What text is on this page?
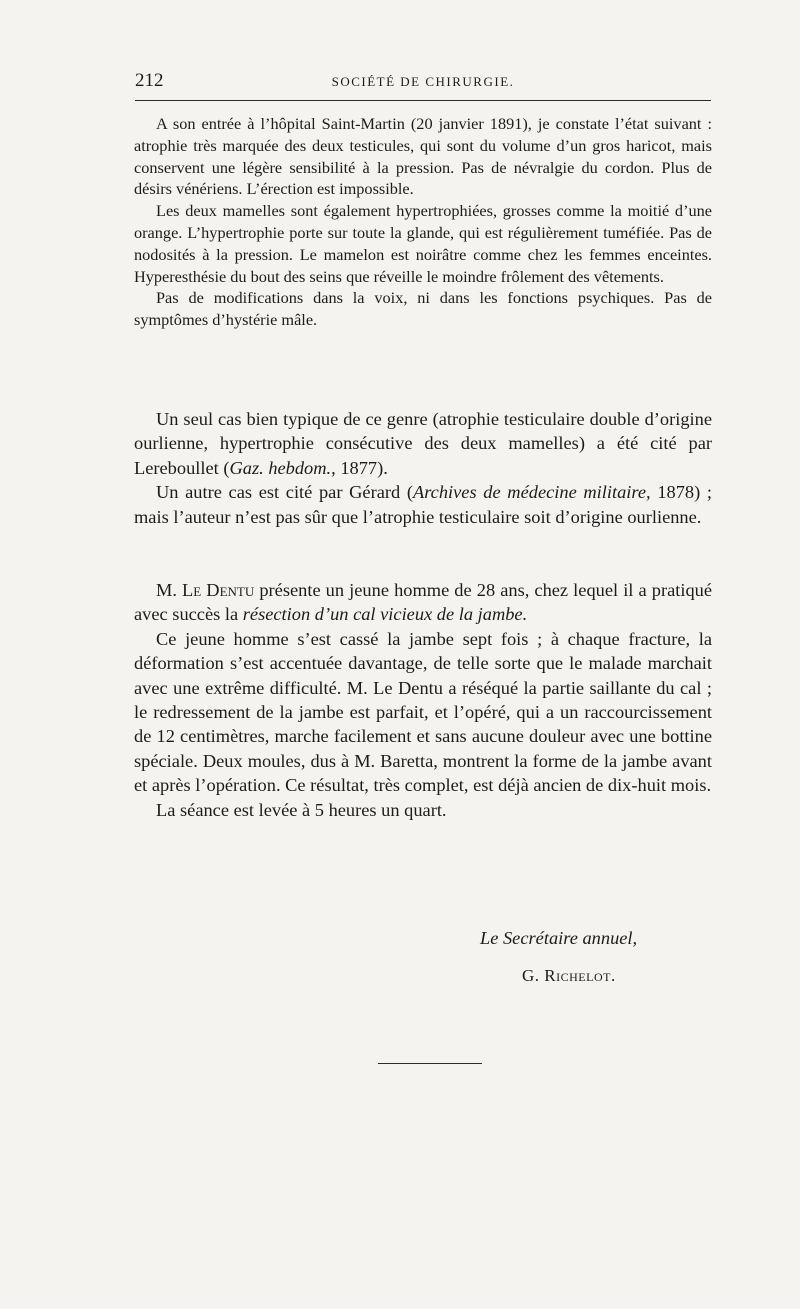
212	SOCIÉTÉ DE CHIRURGIE.

A son entrée à l’hôpital Saint-Martin (20 janvier 1891), je constate l’état suivant : atrophie très marquée des deux testicules, qui sont du volume d’un gros haricot, mais conservent une légère sensibilité à la pression. Pas de névralgie du cordon. Plus de désirs vénériens. L’érection est impossible.

Les deux mamelles sont également hypertrophiées, grosses comme la moitié d’une orange. L’hypertrophie porte sur toute la glande, qui est régulièrement tuméfiée. Pas de nodosités à la pression. Le mamelon est noirâtre comme chez les femmes enceintes. Hyperesthésie du bout des seins que réveille le moindre frôlement des vêtements.

Pas de modifications dans la voix, ni dans les fonctions psychiques. Pas de symptômes d’hystérie mâle.

Un seul cas bien typique de ce genre (atrophie testiculaire double d’origine ourlienne, hypertrophie consécutive des deux mamelles) a été cité par Lereboullet (Gaz. hebdom., 1877).

Un autre cas est cité par Gérard (Archives de médecine militaire, 1878) ; mais l’auteur n’est pas sûr que l’atrophie testiculaire soit d’origine ourlienne.

M. Le Dentu présente un jeune homme de 28 ans, chez lequel il a pratiqué avec succès la résection d’un cal vicieux de la jambe.

Ce jeune homme s’est cassé la jambe sept fois ; à chaque fracture, la déformation s’est accentuée davantage, de telle sorte que le malade marchait avec une extrême difficulté. M. Le Dentu a réséqué la partie saillante du cal ; le redressement de la jambe est parfait, et l’opéré, qui a un raccourcissement de 12 centimètres, marche facilement et sans aucune douleur avec une bottine spéciale. Deux moules, dus à M. Baretta, montrent la forme de la jambe avant et après l’opération. Ce résultat, très complet, est déjà ancien de dix-huit mois.

La séance est levée à 5 heures un quart.

Le Secrétaire annuel,
G. Richelot.
